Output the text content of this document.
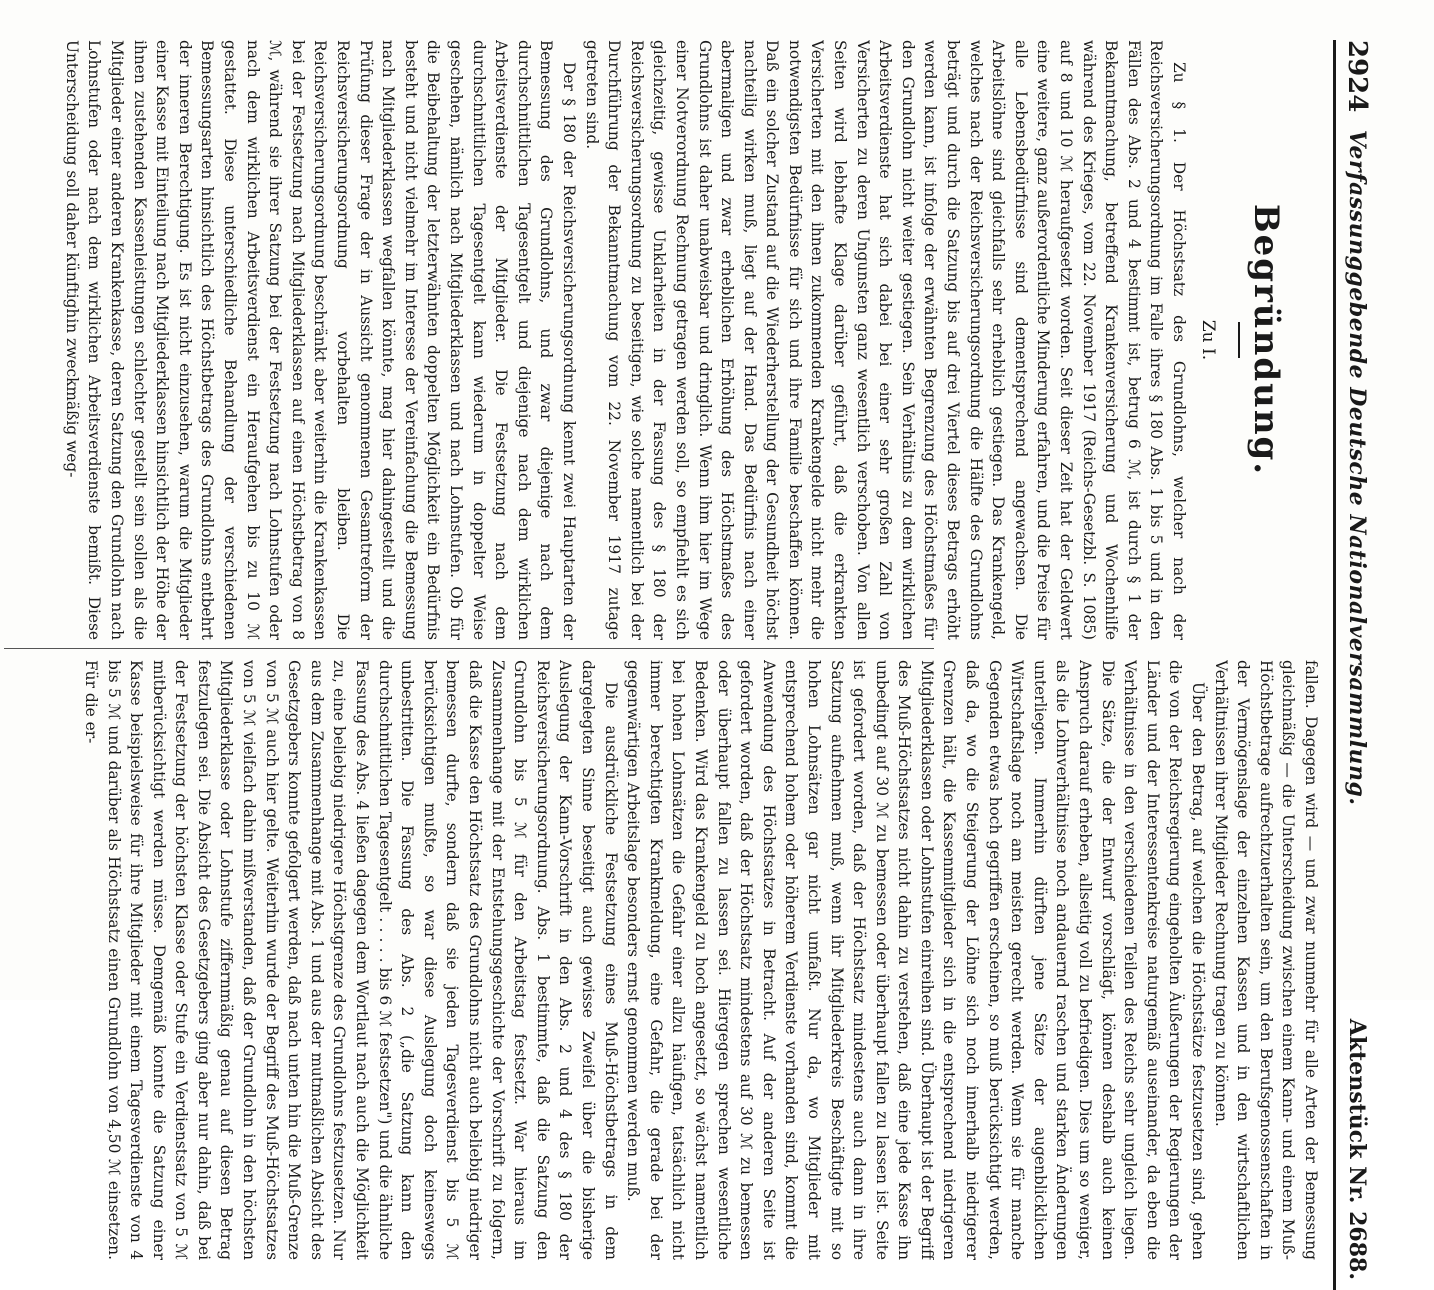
2924
Verfassunggebende Deutsche Nationalversammlung.
Aktenstück Nr. 2688.
Begründung.
Zu I.

Zu § 1. Der Höchstsatz des Grundlohns, welcher nach der Reichsversicherungsordnung im Falle ihres § 180 Abs. 1 bis 5 und in den Fällen des Abs. 2 und 4 bestimmt ist, betrug 6 ℳ, ist durch § 1 der Bekanntmachung, betreffend Krankenversicherung und Wochenhilfe während des Krieges, vom 22. November 1917 (Reichs-Gesetzbl. S. 1085) auf 8 und 10 ℳ heraufgesetzt worden. Seit dieser Zeit hat der Geldwert eine weitere, ganz außerordentliche Minderung erfahren, und die Preise für alle Lebensbedürfnisse sind dementsprechend angewachsen. Die Arbeitslöhne sind gleichfalls sehr erheblich gestiegen. Das Krankengeld, welches nach der Reichsversicherungsordnung die Hälfte des Grundlohns beträgt und durch die Satzung bis auf drei Viertel dieses Betrags erhöht werden kann, ist infolge der erwähnten Begrenzung des Höchstmaßes für den Grundlohn nicht weiter gestiegen. Sein Verhältnis zu dem wirklichen Arbeitsverdienste hat sich dabei bei einer sehr großen Zahl von Versicherten zu deren Ungunsten ganz wesentlich verschoben. Von allen Seiten wird lebhafte Klage darüber geführt, daß die erkrankten Versicherten mit den ihnen zukommenden Krankengelde nicht mehr die notwendigsten Bedürfnisse für sich und ihre Familie beschaffen können. Daß ein solcher Zustand auf die Wiederherstellung der Gesundheit höchst nachteilig wirken muß, liegt auf der Hand. Das Bedürfnis nach einer abermaligen und zwar erheblichen Erhöhung des Höchstmaßes des Grundlohns ist daher unabweisbar und dringlich. Wenn ihm hier im Wege einer Notverordnung Rechnung getragen werden soll, so empfiehlt es sich gleichzeitig, gewisse Unklarheiten in der Fassung des § 180 der Reichsversicherungsordnung zu beseitigen, wie solche namentlich bei der Durchführung der Bekanntmachung vom 22. November 1917 zutage getreten sind.

Der § 180 der Reichsversicherungsordnung kennt zwei Hauptarten der Bemessung des Grundlohns, und zwar diejenige nach dem durchschnittlichen Tagesentgelt und diejenige nach dem wirklichen Arbeitsverdienste der Mitglieder. Die Festsetzung nach dem durchschnittlichen Tagesentgelt kann wiederum in doppelter Weise geschehen, nämlich nach Mitgliederklassen und nach Lohnstufen. Ob für die Beibehaltung der letzterwähnten doppelten Möglichkeit ein Bedürfnis besteht und nicht vielmehr im Interesse der Vereinfachung die Bemessung nach Mitgliederklassen wegfallen könnte, mag hier dahingestellt und die Prüfung dieser Frage der in Aussicht genommenen Gesamtreform der Reichsversicherungsordnung vorbehalten bleiben. Die Reichsversicherungsordnung beschränkt aber weiterhin die Krankenkassen bei der Festsetzung nach Mitgliederklassen auf einen Höchstbetrag von 8 ℳ, während sie ihrer Satzung bei der Festsetzung nach Lohnstufen oder nach dem wirklichen Arbeitsverdienst ein Heraufgehen bis zu 10 ℳ gestattet. Diese unterschiedliche Behandlung der verschiedenen Bemessungsarten hinsichtlich des Höchstbetrags des Grundlohns entbehrt der inneren Berechtigung. Es ist nicht einzusehen, warum die Mitglieder einer Kasse mit Einteilung nach Mitgliederklassen hinsichtlich der Höhe der ihnen zustehenden Kassenleistungen schlechter gestellt sein sollen als die Mitglieder einer anderen Krankenkasse, deren Satzung den Grundlohn nach Lohnstufen oder nach dem wirklichen Arbeitsverdienste bemißt. Diese Unterscheidung soll daher künftighin zweckmäßig weg-

fallen. Dagegen wird — und zwar nunmehr für alle Arten der Bemessung gleichmäßig — die Unterscheidung zwischen einem Kann- und einem Muß-Höchstbetrage aufrechtzuerhalten sein, um den Berufsgenossenschaften in der Vermögenslage der einzelnen Kassen und in den wirtschaftlichen Verhältnissen ihrer Mitglieder Rechnung tragen zu können.

Über den Betrag, auf welchen die Höchstsätze festzusetzen sind, gehen die von der Reichsregierung eingeholten Äußerungen der Regierungen der Länder und der Interessentenkreise naturgemäß auseinander, da eben die Verhältnisse in den verschiedenen Teilen des Reichs sehr ungleich liegen. Die Sätze, die der Entwurf vorschlägt, können deshalb auch keinen Anspruch darauf erheben, allseitig voll zu befriedigen. Dies um so weniger, als die Lohnverhältnisse noch andauernd raschen und starken Änderungen unterliegen. Immerhin dürften jene Sätze der augenblicklichen Wirtschaftslage noch am meisten gerecht werden. Wenn sie für manche Gegenden etwas hoch gegriffen erscheinen, so muß berücksichtigt werden, daß da, wo die Steigerung der Löhne sich noch innerhalb niedrigerer Grenzen hält, die Kassenmitglieder sich in die entsprechend niedrigeren Mitgliederklassen oder Lohnstufen einreihen sind. Überhaupt ist der Begriff des Muß-Höchstsatzes nicht dahin zu verstehen, daß eine jede Kasse ihn unbedingt auf 30 ℳ zu bemessen oder überhaupt fallen zu lassen ist. Seite ist gefordert worden, daß der Höchstsatz mindestens auch dann in ihre Satzung aufnehmen muß, wenn ihr Mitgliederkreis Beschäftigte mit so hohen Lohnsätzen gar nicht umfaßt. Nur da, wo Mitglieder mit entsprechend hohem oder höherem Verdienste vorhanden sind, kommt die Anwendung des Höchstsatzes in Betracht. Auf der anderen Seite ist gefordert worden, daß der Höchstsatz mindestens auf 30 ℳ zu bemessen oder überhaupt fallen zu lassen sei. Hiergegen sprechen wesentliche Bedenken. Wird das Krankengeld zu hoch angesetzt, so wächst namentlich bei hohen Lohnsätzen die Gefahr einer allzu häufigen, tatsächlich nicht immer berechtigten Krankmeldung, eine Gefahr, die gerade bei der gegenwärtigen Arbeitslage besonders ernst genommen werden muß.

Die ausdrückliche Festsetzung eines Muß-Höchstbetrags in dem dargelegten Sinne beseitigt auch gewisse Zweifel über die bisherige Auslegung der Kann-Vorschrift in den Abs. 2 und 4 des § 180 der Reichsversicherungsordnung. Abs. 1 bestimmte, daß die Satzung den Grundlohn bis 5 ℳ für den Arbeitstag festsetzt. War hieraus im Zusammenhange mit der Entstehungsgeschichte der Vorschrift zu folgern, daß die Kasse den Höchstsatz des Grundlohns nicht auch beliebig niedriger bemessen durfte, sondern daß sie jeden Tagesverdienst bis 5 ℳ berücksichtigen mußte, so war diese Auslegung doch keineswegs unbestritten. Die Fassung des Abs. 2 („die Satzung kann den durchschnittlichen Tagesentgelt . . . . . bis 6 ℳ festsetzen") und die ähnliche Fassung des Abs. 4 ließen dagegen dem Wortlaut nach auch die Möglichkeit zu, eine beliebig niedrigere Höchstgrenze des Grundlohns festzusetzen. Nur aus dem Zusammenhange mit Abs. 1 und aus der mutmaßlichen Absicht des Gesetzgebers konnte gefolgert werden, daß nach unten hin die Muß-Grenze von 5 ℳ auch hier gelte. Weiterhin wurde der Begriff des Muß-Höchstsatzes von 5 ℳ vielfach dahin mißverstanden, daß der Grundlohn in den höchsten Mitgliederklasse oder Lohnstufe ziffernmäßig genau auf diesen Betrag festzulegen sei. Die Absicht des Gesetzgebers ging aber nur dahin, daß bei der Festsetzung der höchsten Klasse oder Stufe ein Verdienstsatz von 5 ℳ mitberücksichtigt werden müsse. Demgemäß konnte die Satzung einer Kasse beispielsweise für ihre Mitglieder mit einem Tagesverdienste von 4 bis 5 ℳ und darüber als Höchstsatz einen Grundlohn von 4,50 ℳ einsetzen. Für die er-
